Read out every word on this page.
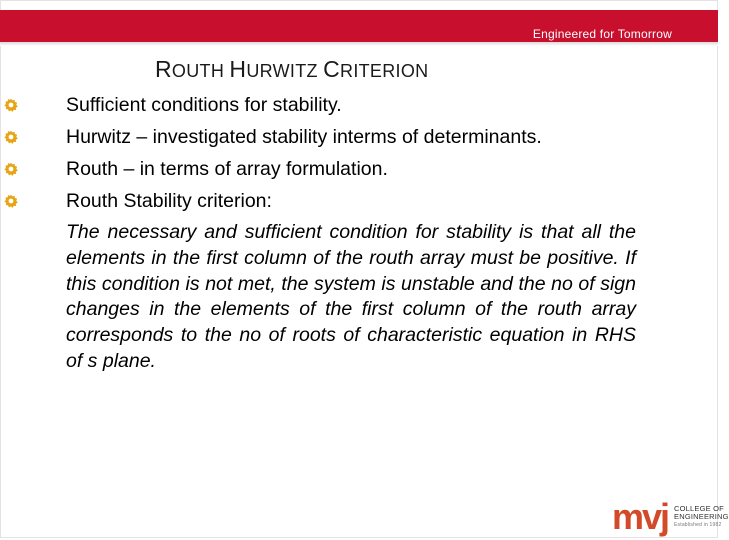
Engineered for Tomorrow
ROUTH HURWITZ CRITERION
Sufficient conditions for stability.
Hurwitz – investigated stability interms of determinants.
Routh – in terms of array formulation.
Routh Stability criterion:

The necessary and sufficient condition for stability is that all the elements in the first column of the routh array must be positive. If this condition is not met, the system is unstable and the no of sign changes in the elements of the first column of the routh array corresponds to the no of roots of characteristic equation in RHS of s plane.

mvj COLLEGE OF
ENGINEERING
Established in 1982
